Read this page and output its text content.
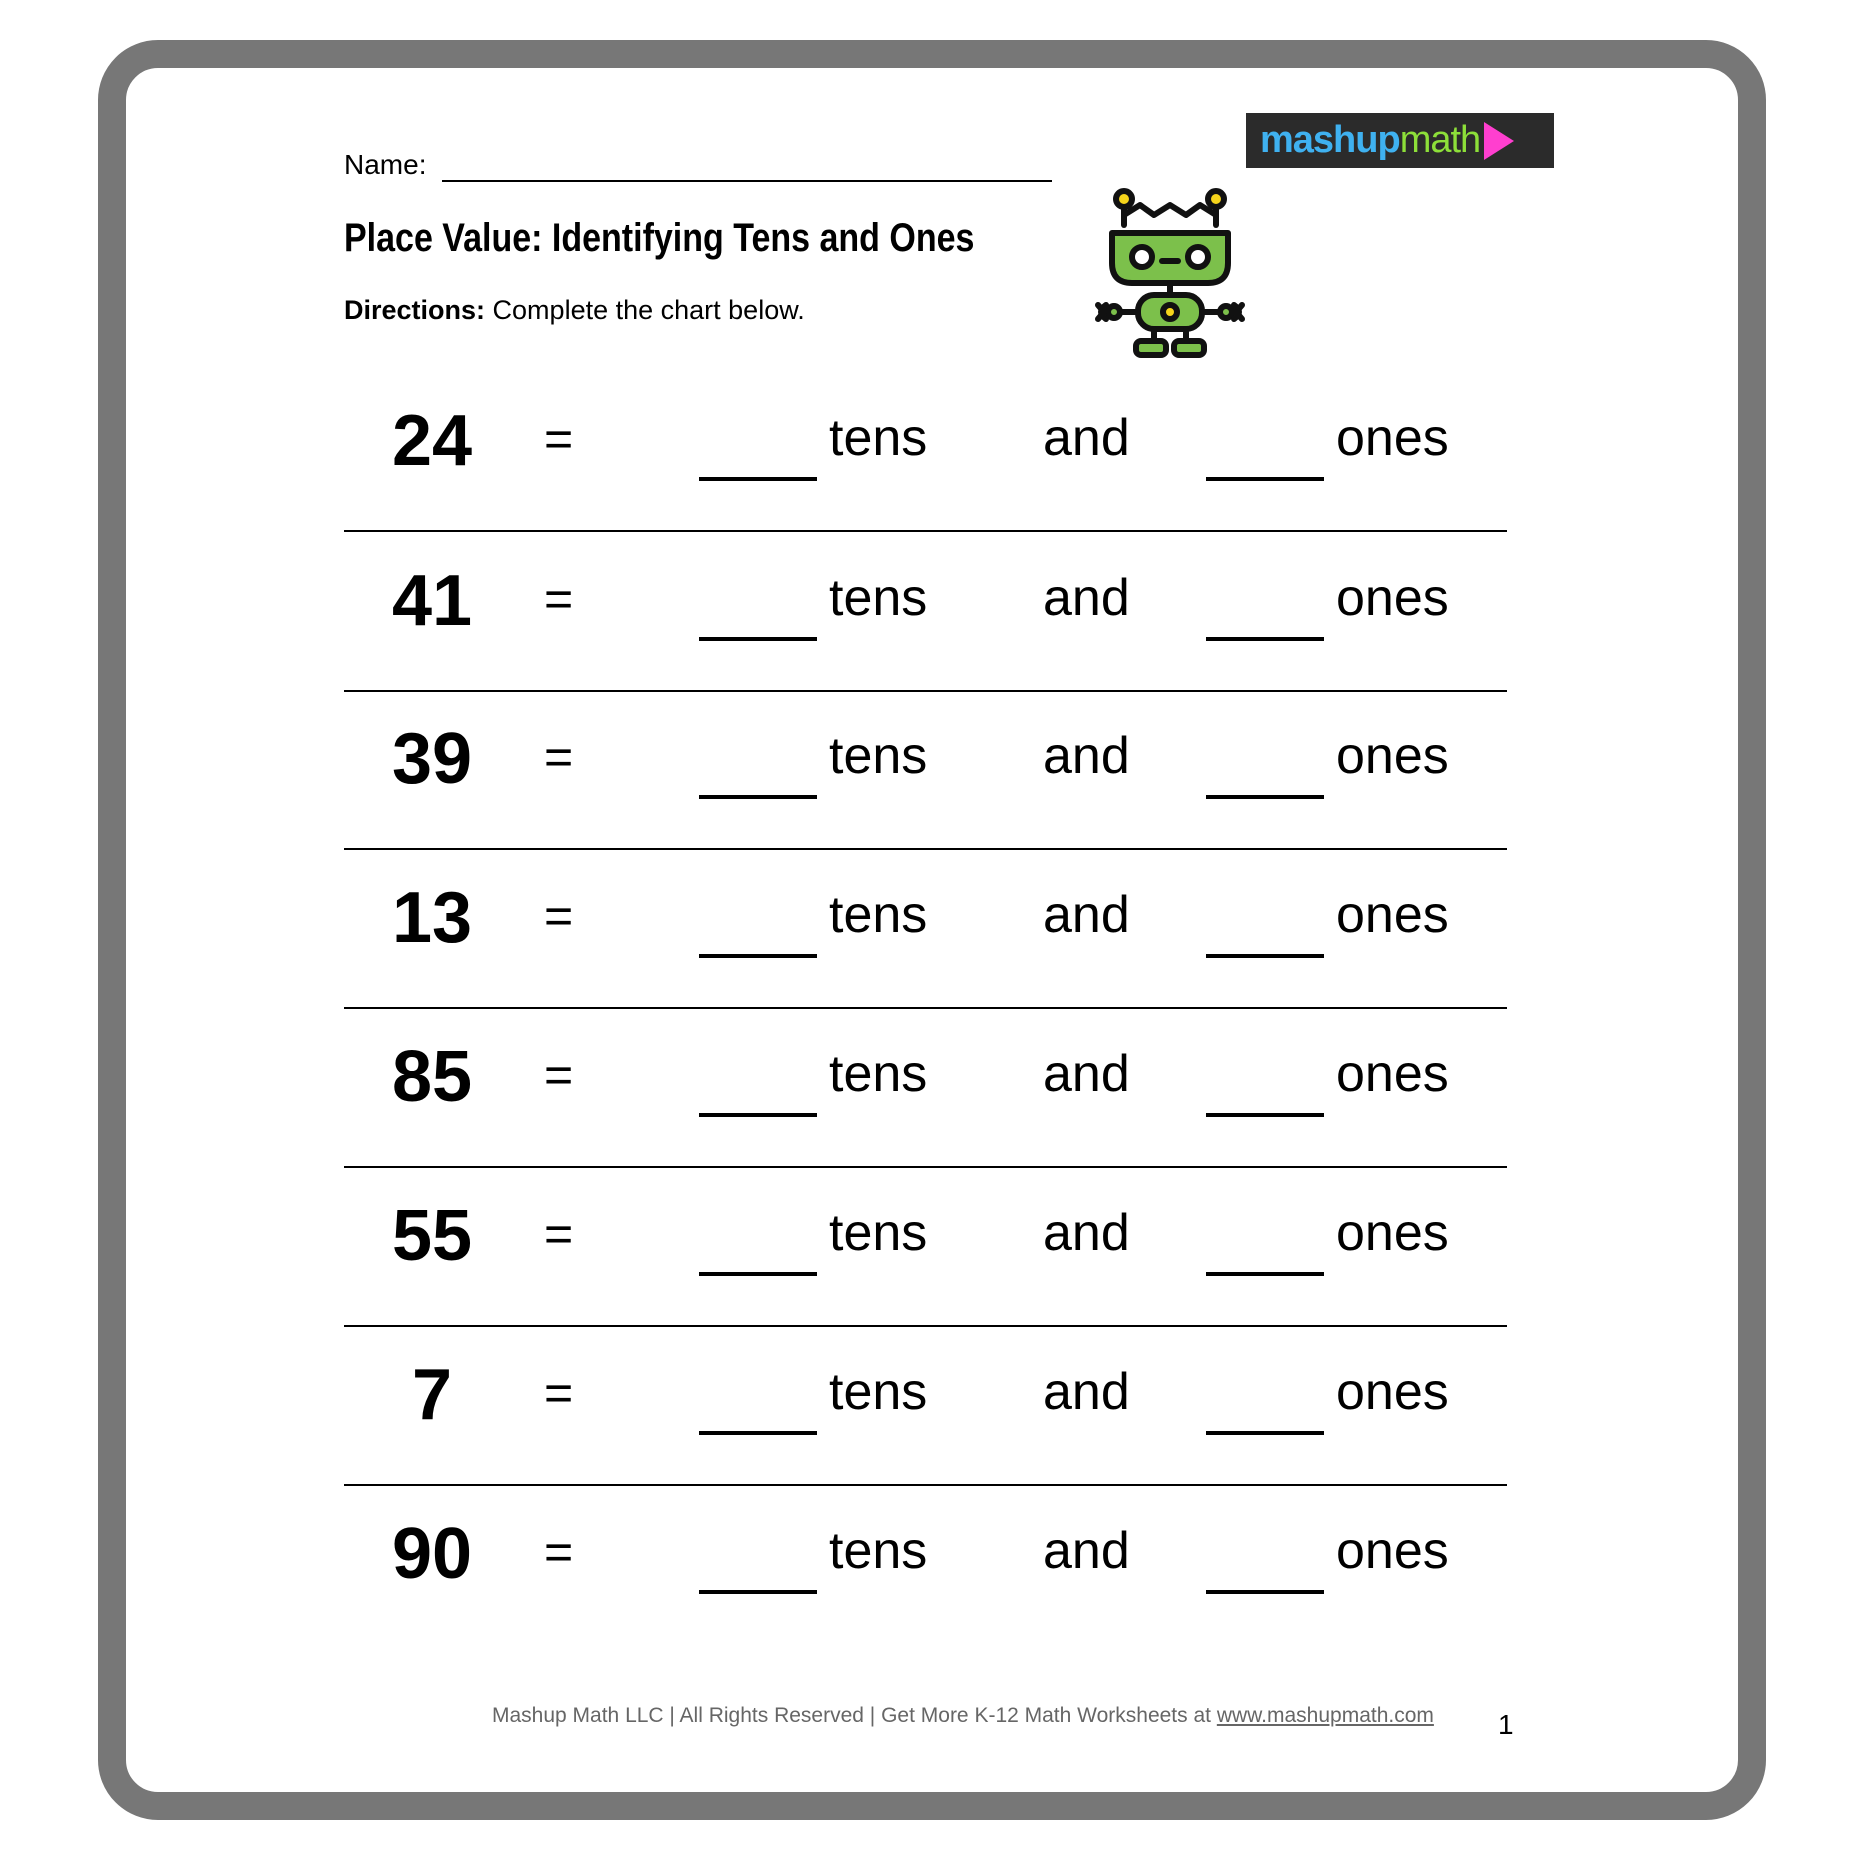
Name:
Place Value: Identifying Tens and Ones
Directions: Complete the chart below.
mashup math
24	=	tens and	ones
41	=	tens and	ones
39	=	tens and	ones
13	=	tens and	ones
85	=	tens and	ones
55	=	tens and	ones
7	=	tens and	ones
90	=	tens and	ones
Mashup Math LLC | All Rights Reserved | Get More K-12 Math Worksheets at www.mashupmath.com 1
